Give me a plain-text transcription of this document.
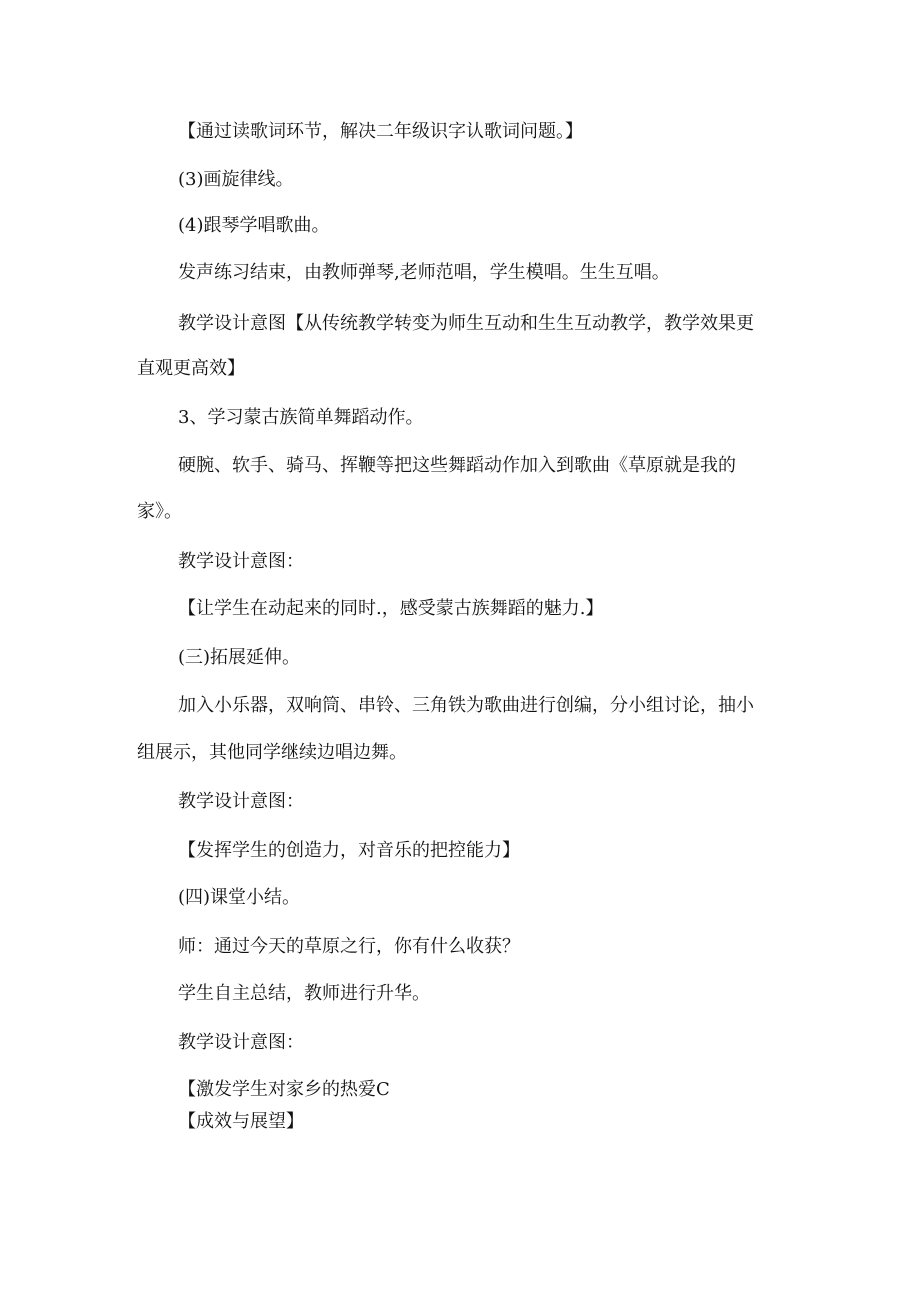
【通过读歌词环节，解决二年级识字认歌词问题。】
(3)画旋律线。
(4)跟琴学唱歌曲。
发声练习结束，由教师弹琴,老师范唱，学生模唱。生生互唱。
教学设计意图【从传统教学转变为师生互动和生生互动教学，教学效果更
直观更高效】
3、学习蒙古族简单舞蹈动作。
硬腕、软手、骑马、挥鞭等把这些舞蹈动作加入到歌曲《草原就是我的
家》。
教学设计意图：
【让学生在动起来的同时.，感受蒙古族舞蹈的魅力.】
(三)拓展延伸。
加入小乐器，双响筒、串铃、三角铁为歌曲进行创编，分小组讨论，抽小
组展示，其他同学继续边唱边舞。
教学设计意图：
【发挥学生的创造力，对音乐的把控能力】
(四)课堂小结。
师：通过今天的草原之行，你有什么收获？
学生自主总结，教师进行升华。
教学设计意图：
【激发学生对家乡的热爱C
【成效与展望】
